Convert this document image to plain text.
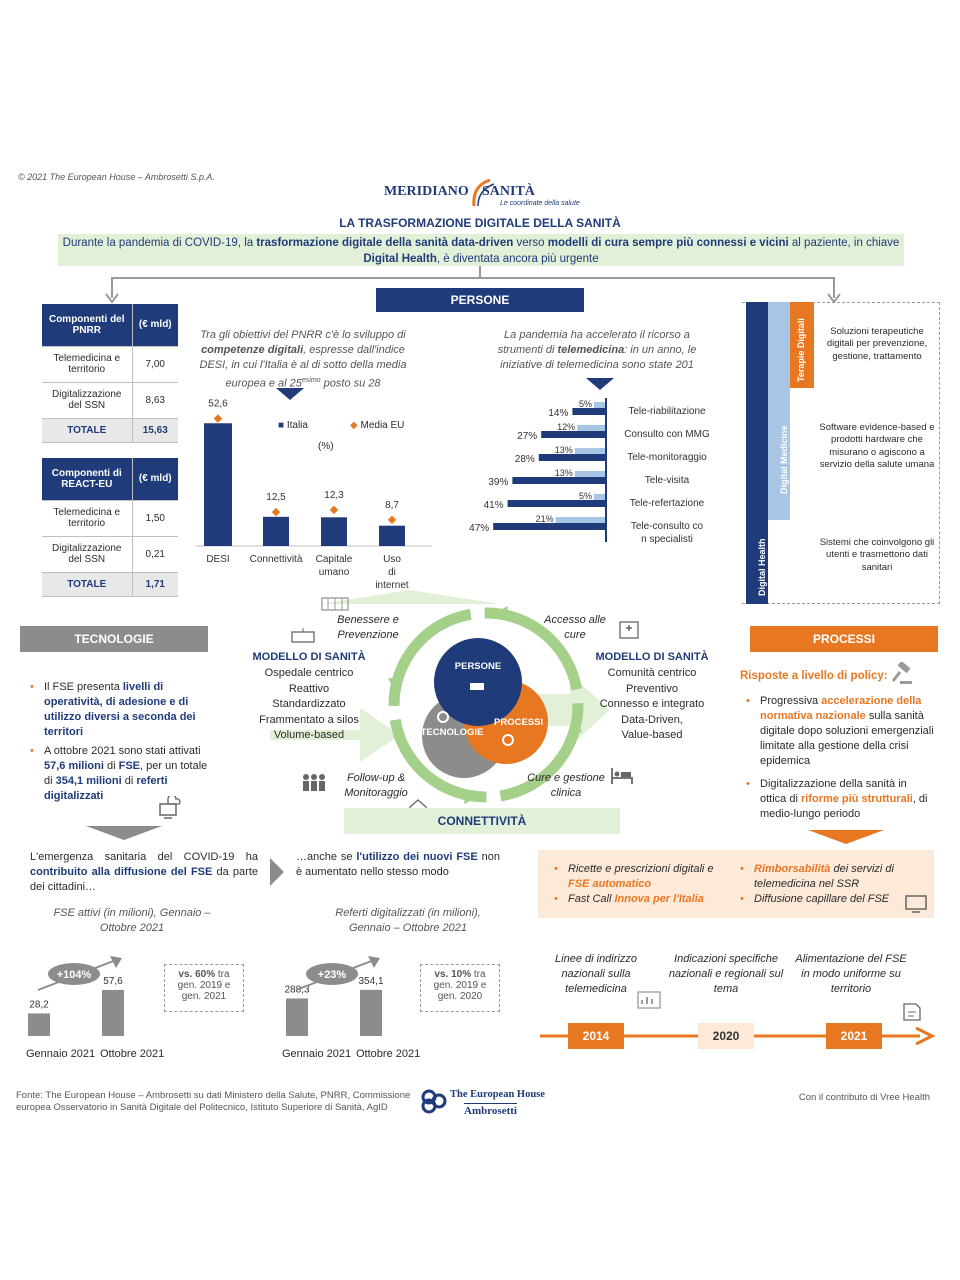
© 2021 The European House – Ambrosetti S.p.A.
MERIDIANO SANITÀ
Le coordinate della salute
LA TRASFORMAZIONE DIGITALE DELLA SANITÀ
Durante la pandemia di COVID-19, la trasformazione digitale della sanità data-driven verso modelli di cura sempre più connessi e vicini al paziente, in chiave Digital Health, è diventata ancora più urgente
PERSONE
Componenti del PNRR	(€ mld)
Telemedicina e territorio	7,00
Digitalizzazione del SSN	8,63
TOTALE	15,63
Componenti di REACT-EU	(€ mld)
Telemedicina e territorio	1,50
Digitalizzazione del SSN	0,21
TOTALE	1,71
Tra gli obiettivi del PNRR c'è lo sviluppo di competenze digitali, espresse dall'indice DESI, in cui l'Italia è al di sotto della media europea e al $25^{esimo}$ posto su 28
■ Italia	◆ Media EU
(%)
52,6
DESI
12,5
Connettività
12,3
Capitale
umano
8,7
Uso
di
internet
La pandemia ha accelerato il ricorso a strumenti di telemedicina: in un anno, le iniziative di telemedicina sono state 201
14%
5%
Tele-riabilitazione
27%
12%
Consulto con MMG
28%
13%
Tele-monitoraggio
39%
13%
Tele-visita
41%
5%
Tele-refertazione
47%
21%
Tele-consulto co
n specialisti	Digital Health
Digital Medicine
Terapie Digitali	Soluzioni terapeutiche digitali per prevenzione, gestione, trattamento
Software evidence-based e prodotti hardware che misurano o agiscono a servizio della salute umana
Sistemi che coinvolgono gli utenti e trasmettono dati sanitari
TECNOLOGIE	PROCESSI
• Il FSE presenta livelli di operatività, di adesione e di utilizzo diversi a seconda dei territori
• A ottobre 2021 sono stati attivati 57,6 milioni di FSE, per un totale di 354,1 milioni di referti digitalizzati
PERSONE
TECNOLOGIE
PROCESSI
Benessere e Prevenzione
Accesso alle cure
MODELLO DI SANITÀ
Ospedale centrico
Reattivo
Standardizzato
Frammentato a silos
Volume-based
MODELLO DI SANITÀ
Comunità centrico
Preventivo
Connesso e integrato
Data-Driven,
Value-based
Follow-up & Monitoraggio
Cure e gestione clinica
CONNETTIVITÀ
Risposte a livello di policy:
• Progressiva accelerazione della normativa nazionale sulla sanità digitale dopo soluzioni emergenziali limitate alla gestione della crisi epidemica
• Digitalizzazione della sanità in ottica di riforme più strutturali, di medio-lungo periodo
L'emergenza sanitaria del COVID-19 ha contribuito alla diffusione del FSE da parte dei cittadini…
…anche se l'utilizzo dei nuovi FSE non è aumentato nello stesso modo
FSE attivi (in milioni), Gennaio – Ottobre 2021
vs. 60% tra gen. 2019 e gen. 2021
28,2
57,6
+104%
Gennaio 2021 Ottobre 2021
Referti digitalizzati (in milioni), Gennaio – Ottobre 2021
vs. 10% tra gen. 2019 e gen. 2020
288,3
354,1
+23%
Gennaio 2021 Ottobre 2021
• Ricette e prescrizioni digitali e FSE automatico
• Fast Call Innova per l'Italia
• Rimborsabilità dei servizi di telemedicina nel SSR
• Diffusione capillare del FSE
Linee di indirizzo nazionali sulla telemedicina
Indicazioni specifiche nazionali e regionali sul tema
Alimentazione del FSE in modo uniforme su territorio
2014	2020	2021
Fonte: The European House – Ambrosetti su dati Ministero della Salute, PNRR, Commissione europea Osservatorio in Sanità Digitale del Politecnico, Istituto Superiore di Sanità, AgID
The European House
Ambrosetti
Con il contributo di Vree Health
